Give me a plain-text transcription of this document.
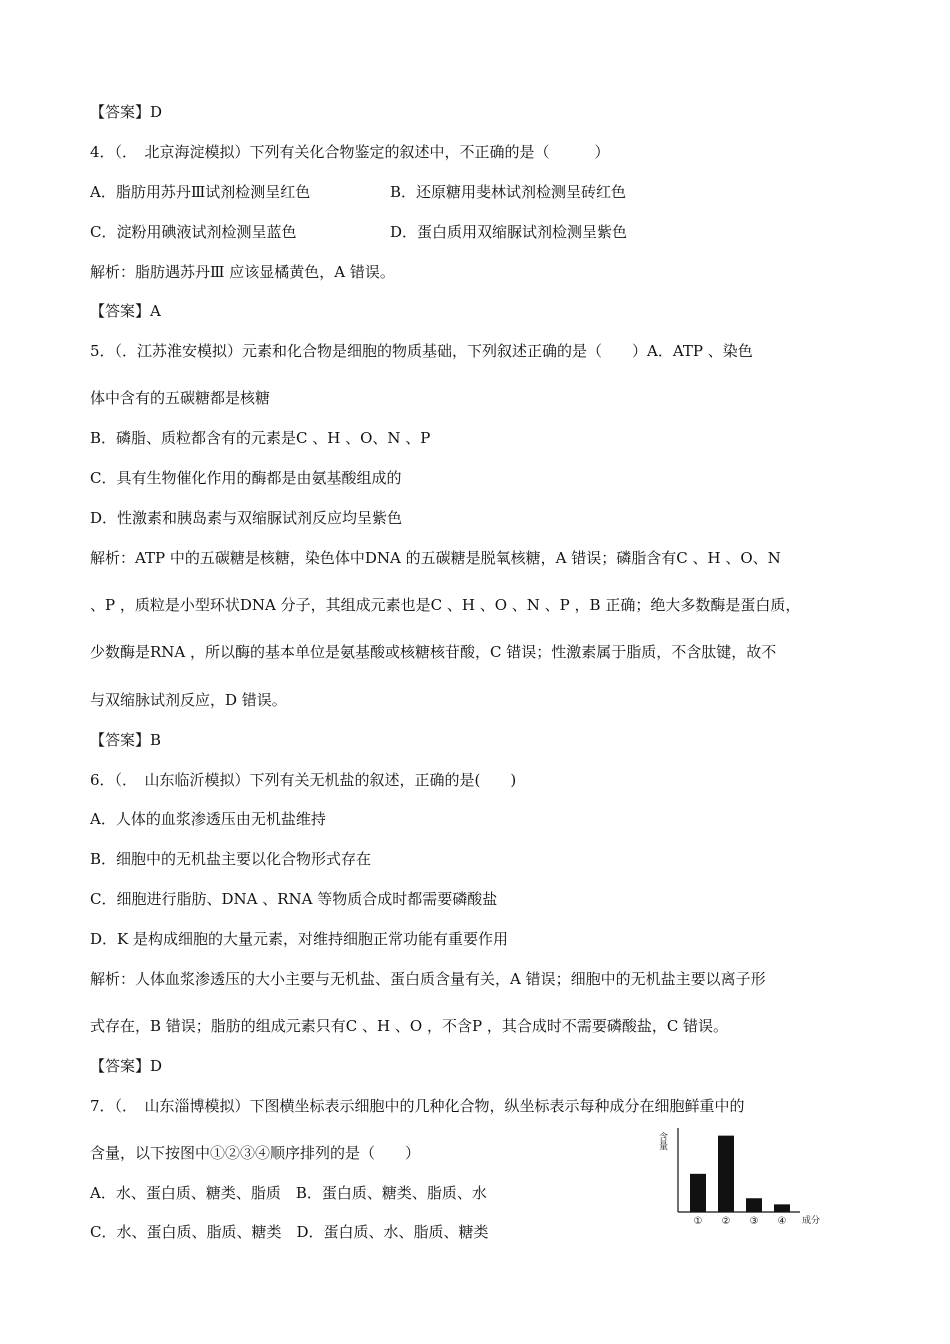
【答案】D
4．（．　北京海淀模拟）下列有关化合物鉴定的叙述中，不正确的是（　　　）
A．脂肪用苏丹Ⅲ试剂检测呈红色	B．还原糖用斐林试剂检测呈砖红色
C．淀粉用碘液试剂检测呈蓝色	D．蛋白质用双缩脲试剂检测呈紫色
解析：脂肪遇苏丹Ⅲ 应该显橘黄色，A 错误。
【答案】A
5．（．江苏淮安模拟）元素和化合物是细胞的物质基础，下列叙述正确的是（　　）A．ATP 、染色
体中含有的五碳糖都是核糖
B．磷脂、质粒都含有的元素是C 、H 、O、N 、P
C．具有生物催化作用的酶都是由氨基酸组成的
D．性激素和胰岛素与双缩脲试剂反应均呈紫色
解析：ATP 中的五碳糖是核糖，染色体中DNA 的五碳糖是脱氧核糖，A 错误；磷脂含有C 、H 、O、N
、P ，质粒是小型环状DNA 分子，其组成元素也是C 、H 、O 、N 、P ，B 正确；绝大多数酶是蛋白质，
少数酶是RNA ，所以酶的基本单位是氨基酸或核糖核苷酸，C 错误；性激素属于脂质，不含肽键，故不
与双缩脉试剂反应，D 错误。
【答案】B
6．（．　山东临沂模拟）下列有关无机盐的叙述，正确的是(　　)
A．人体的血浆渗透压由无机盐维持
B．细胞中的无机盐主要以化合物形式存在
C．细胞进行脂肪、DNA 、RNA 等物质合成时都需要磷酸盐
D．K 是构成细胞的大量元素，对维持细胞正常功能有重要作用
解析：人体血浆渗透压的大小主要与无机盐、蛋白质含量有关，A 错误；细胞中的无机盐主要以离子形
式存在，B 错误；脂肪的组成元素只有C 、H 、O ，不含P ，其合成时不需要磷酸盐，C 错误。
【答案】D
7．（．　山东淄博模拟）下图横坐标表示细胞中的几种化合物，纵坐标表示每种成分在细胞鲜重中的
含量，以下按图中①②③④顺序排列的是（　　）
A．水、蛋白质、糖类、脂质　B．蛋白质、糖类、脂质、水
C．水、蛋白质、脂质、糖类　D．蛋白质、水、脂质、糖类
含量
成分
① ② ③ ④
